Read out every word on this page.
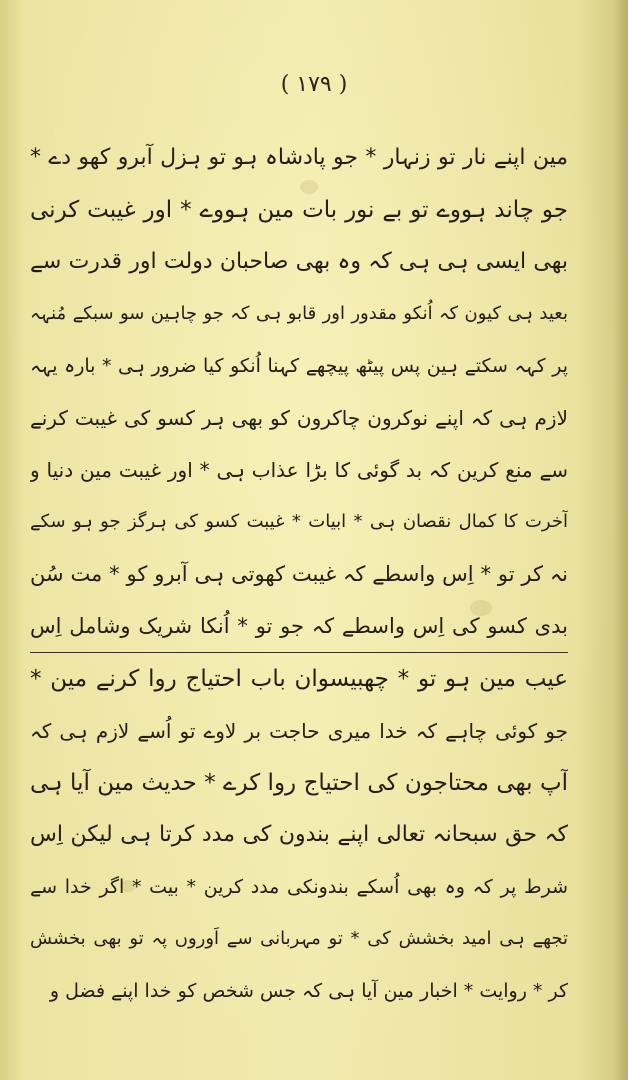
( ۱۷۹ )
مین اپنے نار تو زنہار * جو پادشاہ ہو تو ہزل آبرو کھو دے *
جو چاند ہووے تو بے نور بات مین ہووے * اور غیبت کرنی
بھی ایسی ہی ہی کہ وہ بھی صاحبان دولت اور قدرت سے
بعید ہی کیون کہ اُنکو مقدور اور قابو ہی کہ جو چاہین سو سبکے مُنہہ
پر کہہ سکتے ہین پس پیٹھ پیچھے کہنا اُنکو کیا ضرور ہی * بارہ یہہ
لازم ہی کہ اپنے نوکرون چاکرون کو بھی ہر کسو کی غیبت کرنے
سے منع کرین کہ بد گوئی کا بڑا عذاب ہی * اور غیبت مین دنیا و
آخرت کا کمال نقصان ہی * ابیات * غیبت کسو کی ہرگز جو ہو سکے
نہ کر تو * اِس واسطے کہ غیبت کھوتی ہی آبرو کو * مت سُن
بدی کسو کی اِس واسطے کہ جو تو * اُنکا شریک وشامل اِس
عیب مین ہو تو * چھبیسوان باب احتیاج روا کرنے مین *
جو کوئی چاہے کہ خدا میری حاجت بر لاوے تو اُسے لازم ہی کہ
آپ بھی محتاجون کی احتیاج روا کرے * حدیث مین آیا ہی
کہ حق سبحانہ تعالی اپنے بندون کی مدد کرتا ہی لیکن اِس
شرط پر کہ وہ بھی اُسکے بندونکی مدد کرین * بیت * اگر خدا سے
تجھے ہی امید بخشش کی * تو مہربانی سے اَوروں پہ تو بھی بخشش
کر * روایت * اخبار مین آیا ہی کہ جس شخص کو خدا اپنے فضل و
